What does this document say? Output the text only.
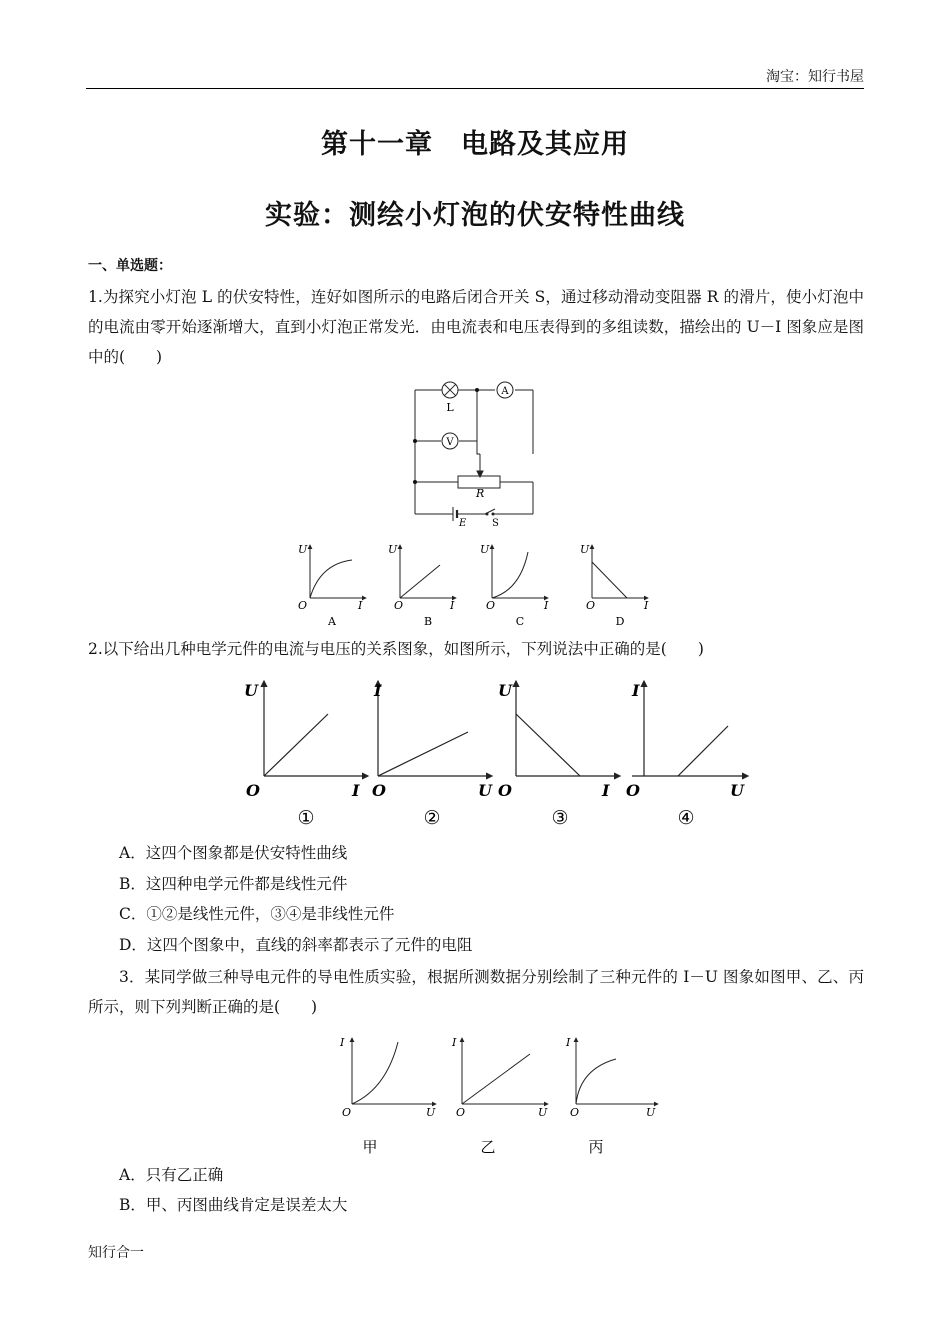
淘宝：知行书屋
第十一章　电路及其应用
实验：测绘小灯泡的伏安特性曲线
一、单选题：
1.为探究小灯泡 L 的伏安特性，连好如图所示的电路后闭合开关 S，通过移动滑动变阻器 R 的滑片，使小灯泡中的电流由零开始逐渐增大，直到小灯泡正常发光．由电流表和电压表得到的多组读数，描绘出的 U－I 图象应是图中的(　　)
L
A
V
R
E	S
U
O	I
A
U
O	I
B
U
O	I
C
U
O	I
D
2.以下给出几种电学元件的电流与电压的关系图象，如图所示，下列说法中正确的是(　　)
U
O	I
I
O	U
U
O	I
I
O	U
①	②	③	④
A．这四个图象都是伏安特性曲线
B．这四种电学元件都是线性元件
C．①②是线性元件，③④是非线性元件
D．这四个图象中，直线的斜率都表示了元件的电阻
3．某同学做三种导电元件的导电性质实验，根据所测数据分别绘制了三种元件的 I－U 图象如图甲、乙、丙所示，则下列判断正确的是(　　)
I
O	U
I
O	U
I
O	U
甲	乙	丙
A．只有乙正确
B．甲、丙图曲线肯定是误差太大
知行合一
